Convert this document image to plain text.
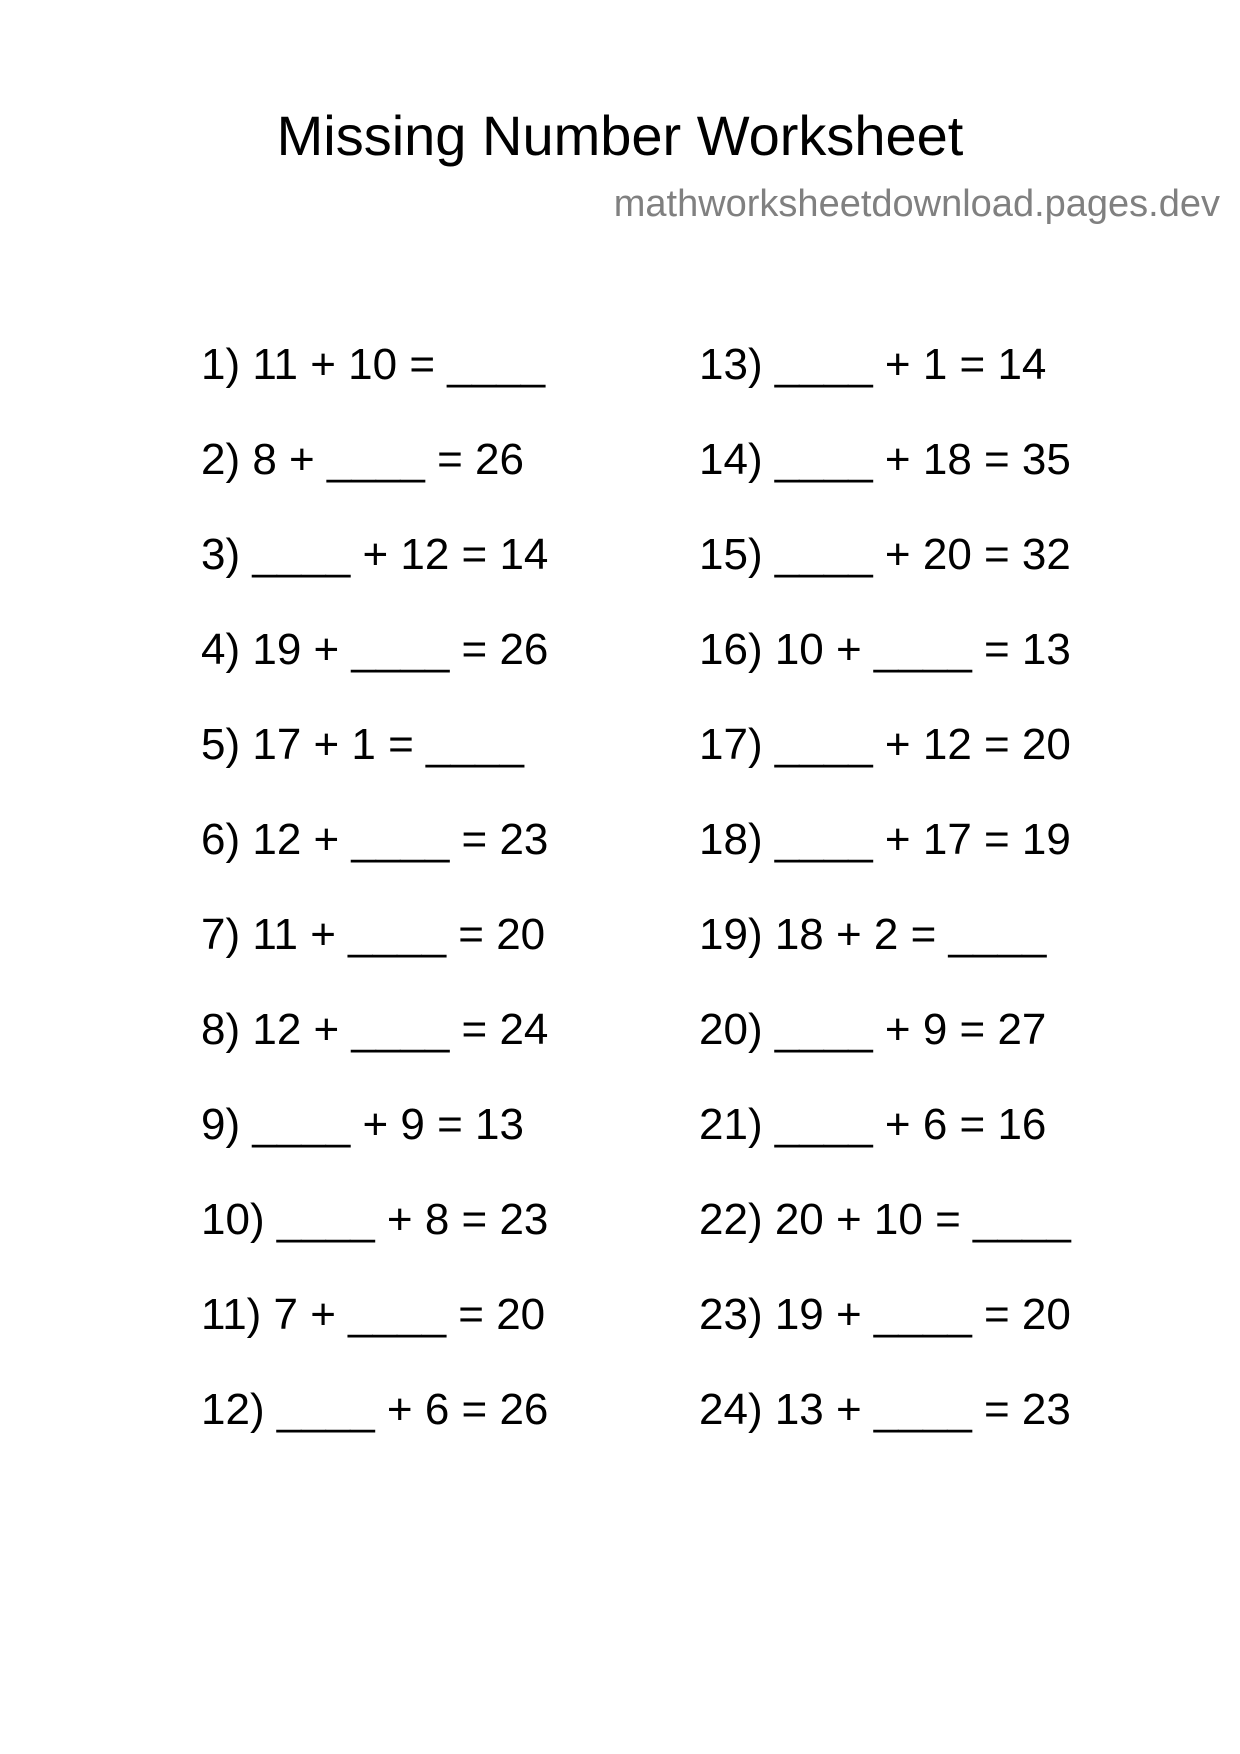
Missing Number Worksheet
mathworksheetdownload.pages.dev
1) 11 + 10 = ____
2) 8 + ____ = 26
3) ____ + 12 = 14
4) 19 + ____ = 26
5) 17 + 1 = ____
6) 12 + ____ = 23
7) 11 + ____ = 20
8) 12 + ____ = 24
9) ____ + 9 = 13
10) ____ + 8 = 23
11) 7 + ____ = 20
12) ____ + 6 = 26
13) ____ + 1 = 14
14) ____ + 18 = 35
15) ____ + 20 = 32
16) 10 + ____ = 13
17) ____ + 12 = 20
18) ____ + 17 = 19
19) 18 + 2 = ____
20) ____ + 9 = 27
21) ____ + 6 = 16
22) 20 + 10 = ____
23) 19 + ____ = 20
24) 13 + ____ = 23
